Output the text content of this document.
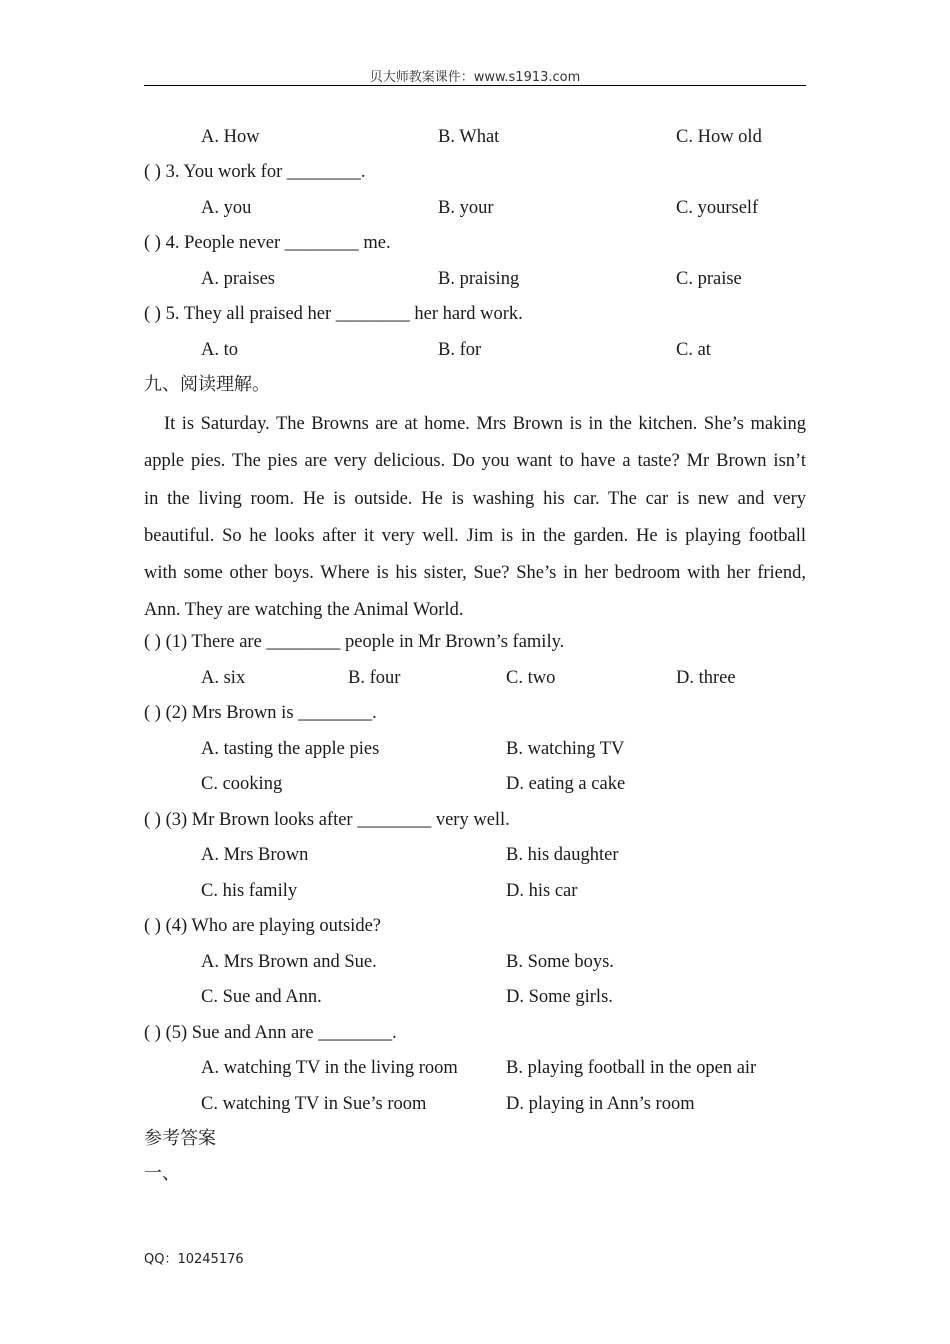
贝大师教案课件：www.s1913.com
A. How	B. What	C. How old
( ) 3. You work for ________.
A. you	B. your	C. yourself
( ) 4. People never ________ me.
A. praises	B. praising	C. praise
( ) 5. They all praised her ________ her hard work.
A. to	B. for	C. at
九、阅读理解。
It is Saturday. The Browns are at home. Mrs Brown is in the kitchen. She’s making
apple pies. The pies are very delicious. Do you want to have a taste? Mr Brown isn’t
in the living room. He is outside. He is washing his car. The car is new and very
beautiful. So he looks after it very well. Jim is in the garden. He is playing football
with some other boys. Where is his sister, Sue? She’s in her bedroom with her friend,
Ann. They are watching the Animal World.
( ) (1) There are ________ people in Mr Brown’s family.
A. six	B. four	C. two	D. three
( ) (2) Mrs Brown is ________.
A. tasting the apple pies	B. watching TV
C. cooking	D. eating a cake
( ) (3) Mr Brown looks after ________ very well.
A. Mrs Brown	B. his daughter
C. his family	D. his car
( ) (4) Who are playing outside?
A. Mrs Brown and Sue.	B. Some boys.
C. Sue and Ann.	D. Some girls.
( ) (5) Sue and Ann are ________.
A. watching TV in the living room	B. playing football in the open air
C. watching TV in Sue’s room	D. playing in Ann’s room
参考答案
一、
QQ：10245176
